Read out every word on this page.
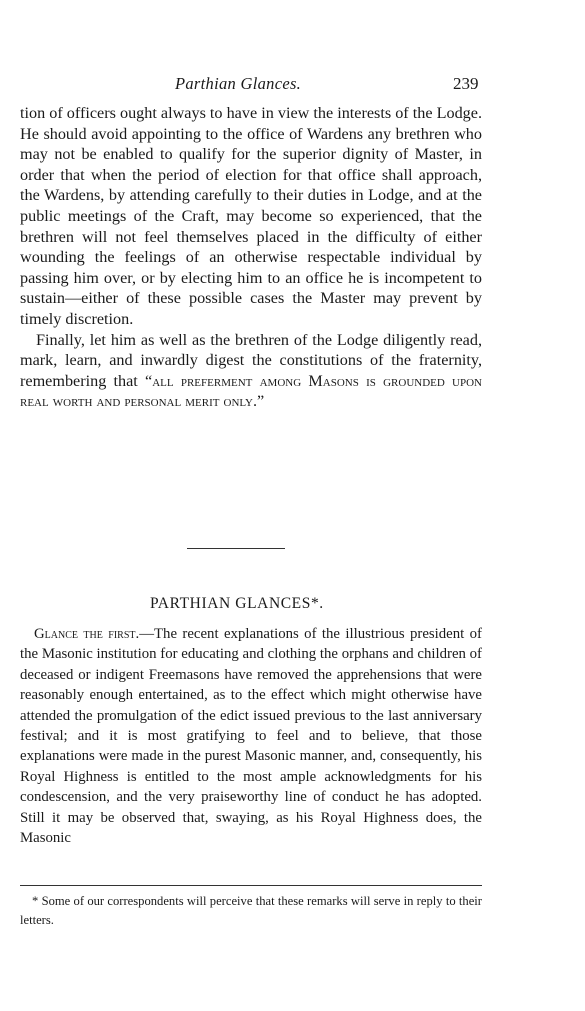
Parthian Glances.	239

tion of officers ought always to have in view the interests of the Lodge. He should avoid appointing to the office of Wardens any brethren who may not be enabled to qualify for the superior dignity of Master, in order that when the period of election for that office shall approach, the Wardens, by attending carefully to their duties in Lodge, and at the public meetings of the Craft, may become so experienced, that the brethren will not feel themselves placed in the difficulty of either wounding the feelings of an otherwise respectable individual by passing him over, or by electing him to an office he is incompetent to sustain—either of these possible cases the Master may prevent by timely discretion.

Finally, let him as well as the brethren of the Lodge diligently read, mark, learn, and inwardly digest the constitutions of the fraternity, remembering that “all preferment among Masons is grounded upon real worth and personal merit only.”

PARTHIAN GLANCES*.

Glance the first.—The recent explanations of the illustrious president of the Masonic institution for educating and clothing the orphans and children of deceased or indigent Freemasons have removed the apprehensions that were reasonably enough entertained, as to the effect which might otherwise have attended the promulgation of the edict issued previous to the last anniversary festival; and it is most gratifying to feel and to believe, that those explanations were made in the purest Masonic manner, and, consequently, his Royal Highness is entitled to the most ample acknowledgments for his condescension, and the very praiseworthy line of conduct he has adopted. Still it may be observed that, swaying, as his Royal Highness does, the Masonic

* Some of our correspondents will perceive that these remarks will serve in reply to their letters.
